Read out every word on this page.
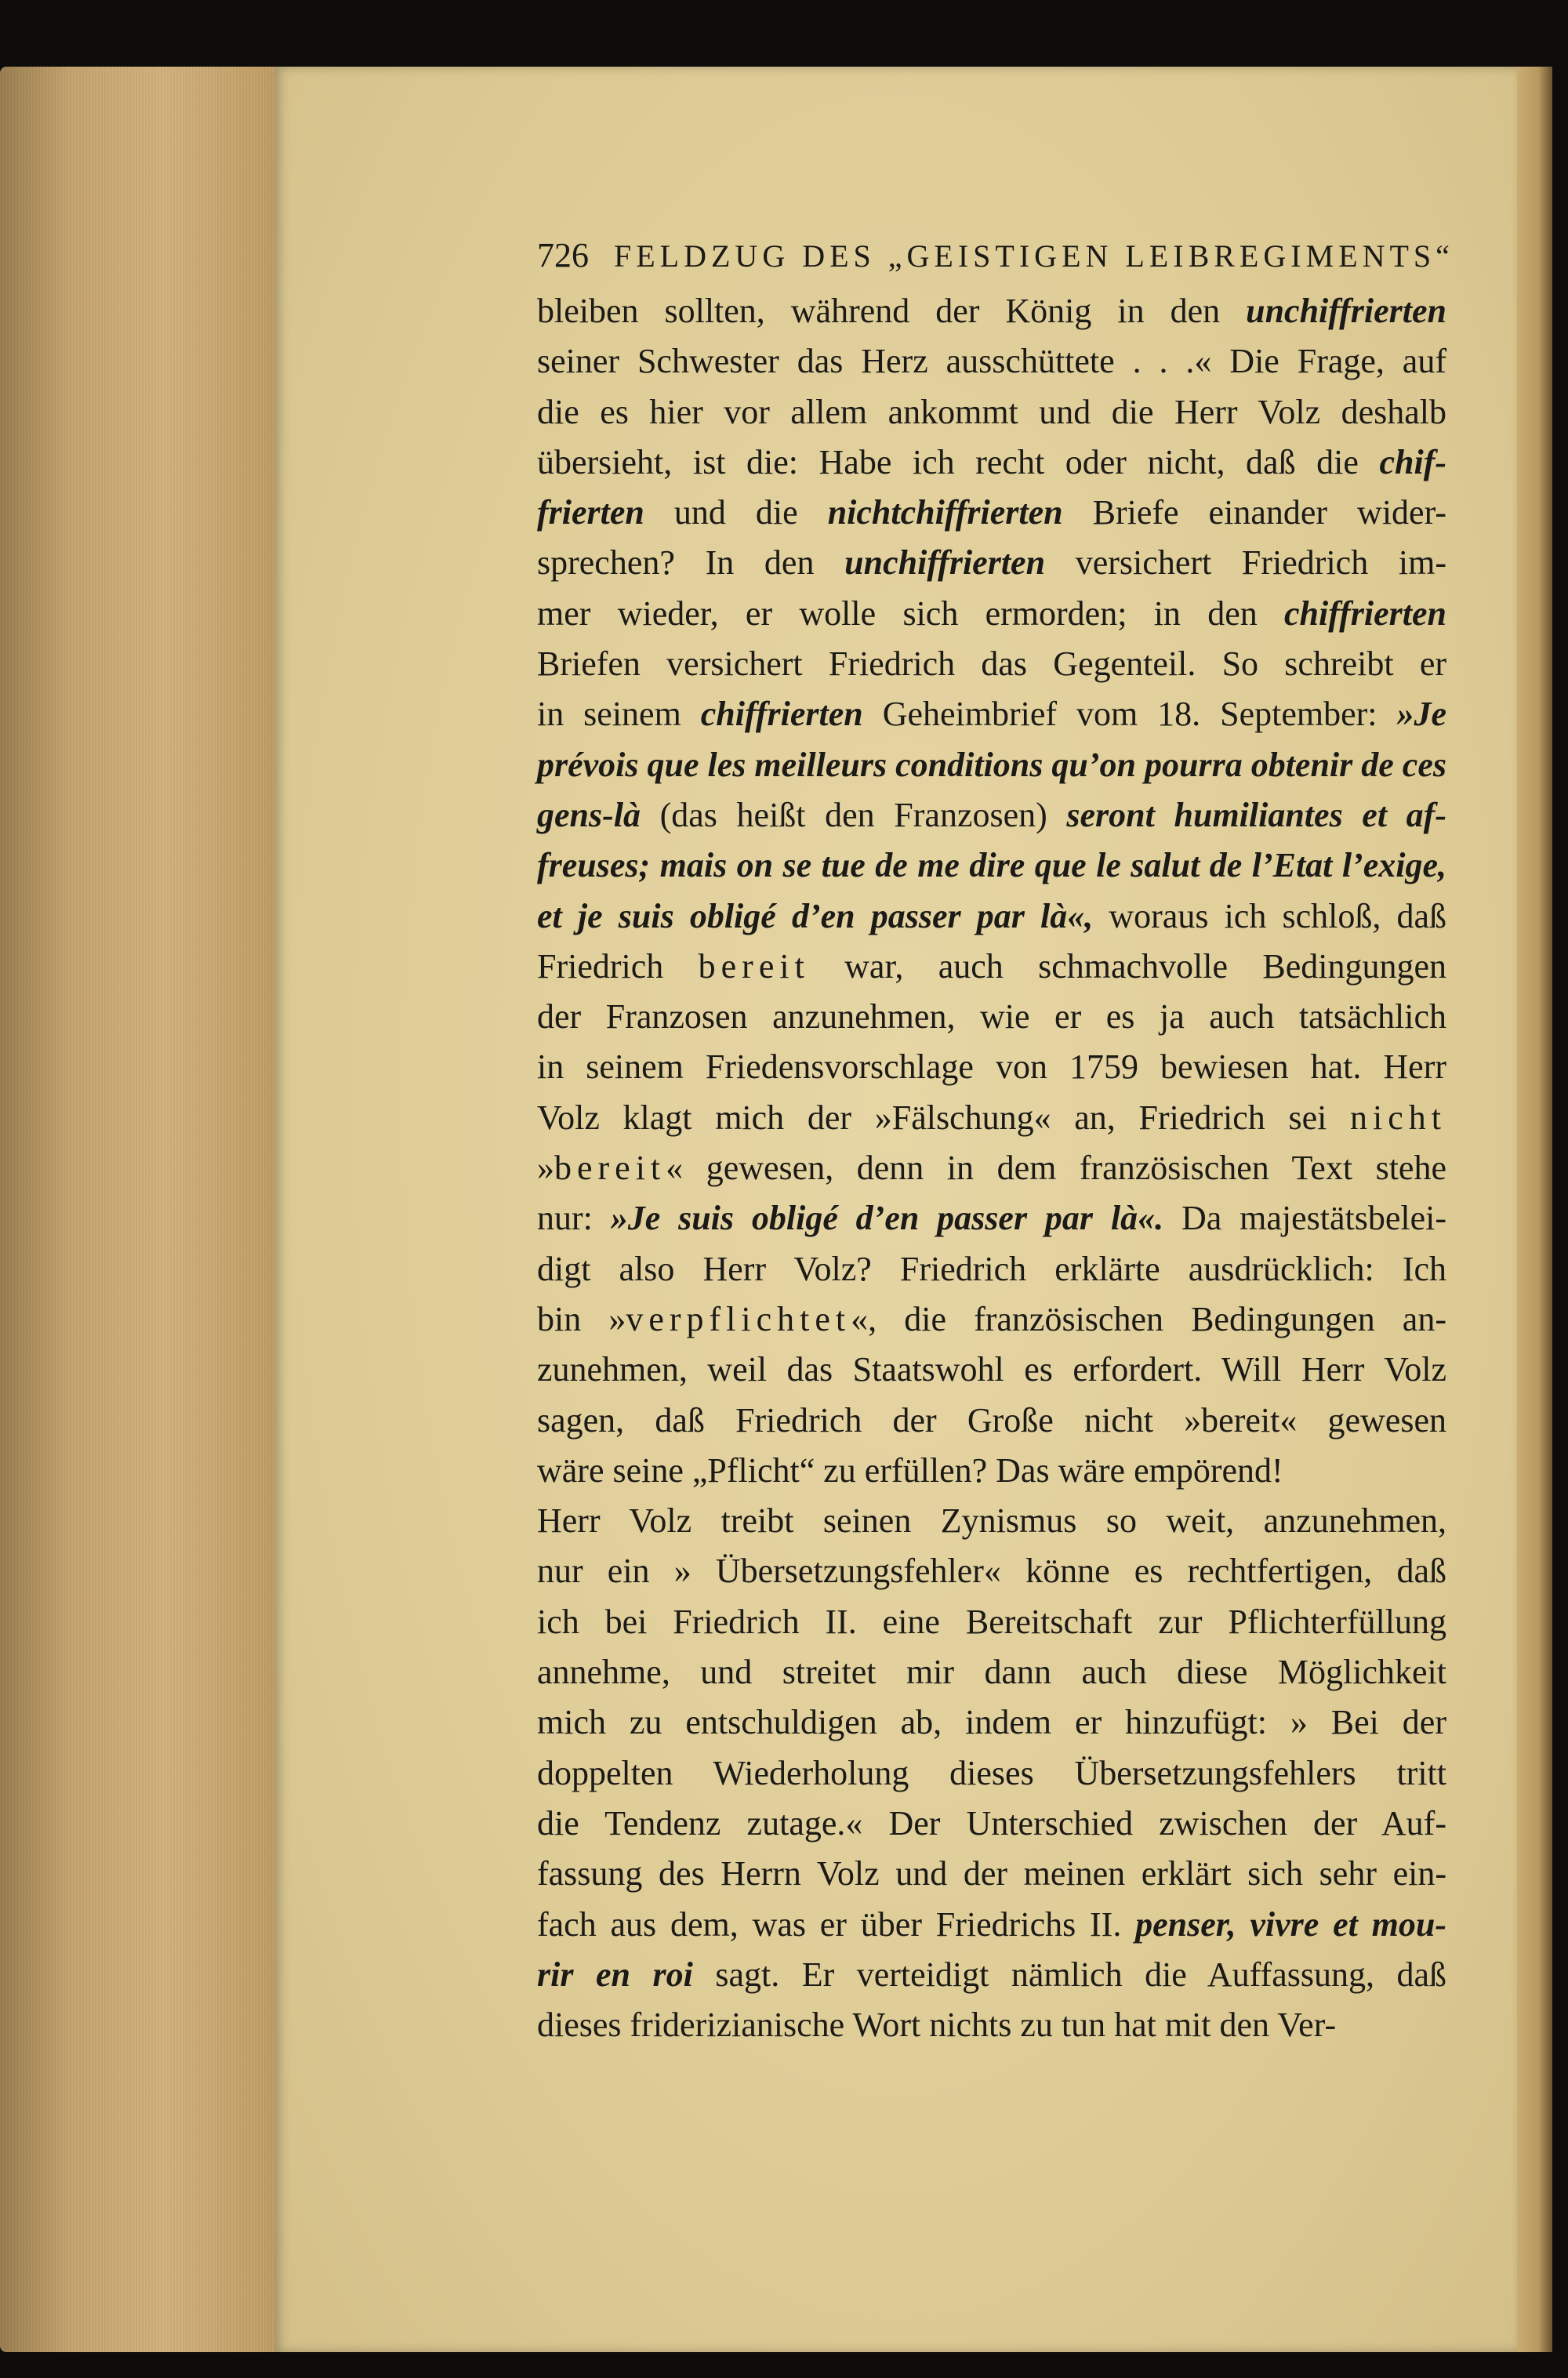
726 FELDZUG DES „GEISTIGEN LEIBREGIMENTS“
bleiben sollten, während der König in den unchiffrierten
seiner Schwester das Herz ausschüttete . . .« Die Frage, auf
die es hier vor allem ankommt und die Herr Volz deshalb
übersieht, ist die: Habe ich recht oder nicht, daß die chif-
frierten und die nichtchiffrierten Briefe einander wider-
sprechen? In den unchiffrierten versichert Friedrich im-
mer wieder, er wolle sich ermorden; in den chiffrierten
Briefen versichert Friedrich das Gegenteil. So schreibt er
in seinem chiffrierten Geheimbrief vom 18. September: »Je
prévois que les meilleurs conditions qu’on pourra obtenir de ces
gens-là (das heißt den Franzosen) seront humiliantes et af-
freuses; mais on se tue de me dire que le salut de l’Etat l’exige,
et je suis obligé d’en passer par là«, woraus ich schloß, daß
Friedrich bereit war, auch schmachvolle Bedingungen
der Franzosen anzunehmen, wie er es ja auch tatsächlich
in seinem Friedensvorschlage von 1759 bewiesen hat. Herr
Volz klagt mich der »Fälschung« an, Friedrich sei nicht
»bereit« gewesen, denn in dem französischen Text stehe
nur: »Je suis obligé d’en passer par là«. Da majestätsbelei-
digt also Herr Volz? Friedrich erklärte ausdrücklich: Ich
bin »verpflichtet«, die französischen Bedingungen an-
zunehmen, weil das Staatswohl es erfordert. Will Herr Volz
sagen, daß Friedrich der Große nicht »bereit« gewesen
wäre seine „Pflicht“ zu erfüllen? Das wäre empörend!
Herr Volz treibt seinen Zynismus so weit, anzunehmen,
nur ein » Übersetzungsfehler« könne es rechtfertigen, daß
ich bei Friedrich II. eine Bereitschaft zur Pflichterfüllung
annehme, und streitet mir dann auch diese Möglichkeit
mich zu entschuldigen ab, indem er hinzufügt: » Bei der
doppelten Wiederholung dieses Übersetzungsfehlers tritt
die Tendenz zutage.« Der Unterschied zwischen der Auf-
fassung des Herrn Volz und der meinen erklärt sich sehr ein-
fach aus dem, was er über Friedrichs II. penser, vivre et mou-
rir en roi sagt. Er verteidigt nämlich die Auffassung, daß
dieses friderizianische Wort nichts zu tun hat mit den Ver-
